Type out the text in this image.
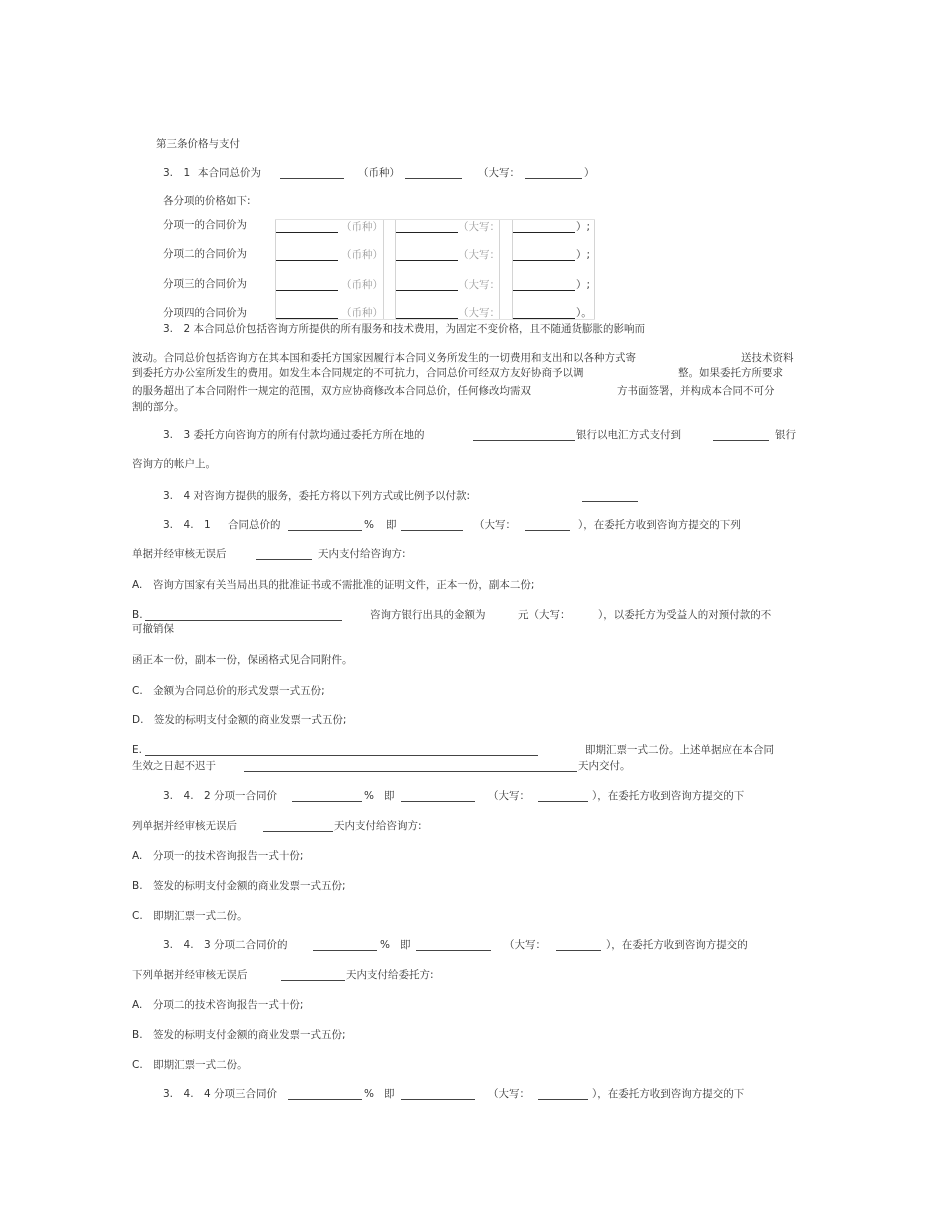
第三条价格与支付
3.　1 本合同总价为	（币种）	（大写：	）
各分项的价格如下:
分项一的合同价为	（币种）	（大写：	）;
分项二的合同价为	（币种）	（大写：	）;
分项三的合同价为	（币种）	（大写：	）;
分项四的合同价为	（币种）	（大写：	）。
3.　2 本合同总价包括咨询方所提供的所有服务和技术费用，为固定不变价格，且不随通货膨胀的影响而
波动。合同总价包括咨询方在其本国和委托方国家因履行本合同义务所发生的一切费用和支出和以各种方式寄	送技术资料
到委托方办公室所发生的费用。如发生本合同规定的不可抗力，合同总价可经双方友好协商予以调	整。如果委托方所要求
的服务超出了本合同附件一规定的范围，双方应协商修改本合同总价，任何修改均需双	方书面签署，并构成本合同不可分
割的部分。
3.　3 委托方向咨询方的所有付款均通过委托方所在地的	银行以电汇方式支付到	银行
咨询方的帐户上。
3.　4 对咨询方提供的服务，委托方将以下列方式或比例予以付款:
3.　4.　1 合同总价的	% 即	（大写：	），在委托方收到咨询方提交的下列
单据并经审核无误后	天内支付给咨询方:
A.　咨询方国家有关当局出具的批准证书或不需批准的证明文件，正本一份，副本二份;
B.	咨询方银行出具的金额为	元（大写：	），以委托方为受益人的对预付款的不
可撤销保
函正本一份，副本一份，保函格式见合同附件。
C.　金额为合同总价的形式发票一式五份;
D.　签发的标明支付金额的商业发票一式五份;
E.	即期汇票一式二份。上述单据应在本合同
生效之日起不迟于	天内交付。
3.　4.　2 分项一合同价	% 即	（大写：	），在委托方收到咨询方提交的下
列单据并经审核无误后	天内支付给咨询方:
A.　分项一的技术咨询报告一式十份;
B.　签发的标明支付金额的商业发票一式五份;
C.　即期汇票一式二份。
3.　4.　3 分项二合同价的	% 即	（大写：	），在委托方收到咨询方提交的
下列单据并经审核无误后	天内支付给委托方:
A.　分项二的技术咨询报告一式十份;
B.　签发的标明支付金额的商业发票一式五份;
C.　即期汇票一式二份。
3.　4.　4 分项三合同价	% 即	（大写：	），在委托方收到咨询方提交的下
